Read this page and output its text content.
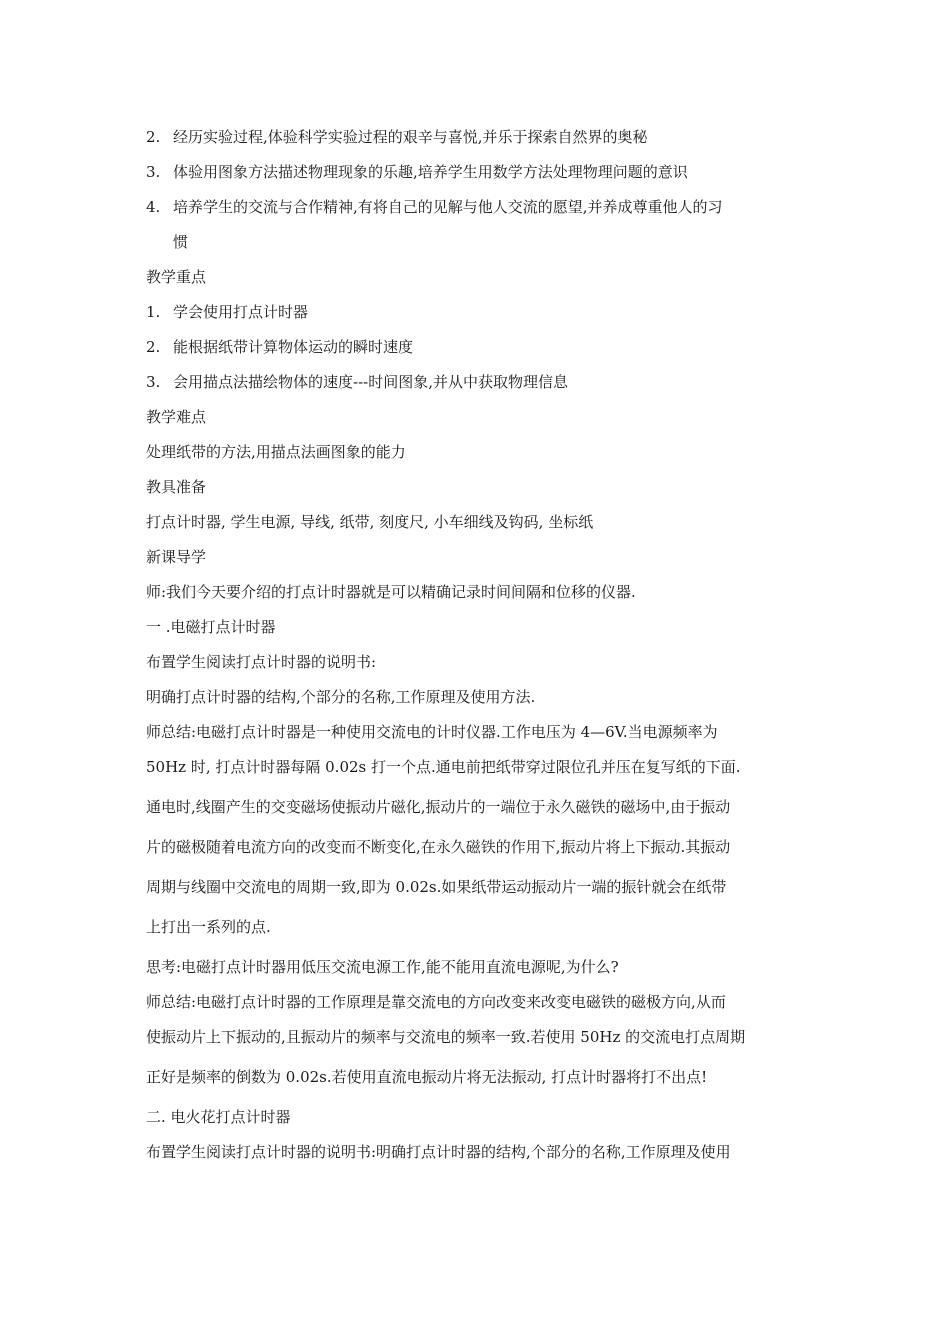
2. 经历实验过程,体验科学实验过程的艰辛与喜悦,并乐于探索自然界的奥秘
3. 体验用图象方法描述物理现象的乐趣,培养学生用数学方法处理物理问题的意识
4. 培养学生的交流与合作精神,有将自己的见解与他人交流的愿望,并养成尊重他人的习
惯
教学重点
1. 学会使用打点计时器
2. 能根据纸带计算物体运动的瞬时速度
3. 会用描点法描绘物体的速度---时间图象,并从中获取物理信息
教学难点
处理纸带的方法,用描点法画图象的能力
教具准备
打点计时器, 学生电源, 导线, 纸带, 刻度尺, 小车细线及钩码, 坐标纸
新课导学
师:我们今天要介绍的打点计时器就是可以精确记录时间间隔和位移的仪器.
一 .电磁打点计时器
布置学生阅读打点计时器的说明书:
明确打点计时器的结构,个部分的名称,工作原理及使用方法.
师总结:电磁打点计时器是一种使用交流电的计时仪器.工作电压为 4—6V.当电源频率为
50Hz 时, 打点计时器每隔 0.02s 打一个点.通电前把纸带穿过限位孔并压在复写纸的下面.
通电时,线圈产生的交变磁场使振动片磁化,振动片的一端位于永久磁铁的磁场中,由于振动
片的磁极随着电流方向的改变而不断变化,在永久磁铁的作用下,振动片将上下振动.其振动
周期与线圈中交流电的周期一致,即为 0.02s.如果纸带运动振动片一端的振针就会在纸带
上打出一系列的点.
思考:电磁打点计时器用低压交流电源工作,能不能用直流电源呢,为什么?
师总结:电磁打点计时器的工作原理是靠交流电的方向改变来改变电磁铁的磁极方向,从而
使振动片上下振动的,且振动片的频率与交流电的频率一致.若使用 50Hz 的交流电打点周期
正好是频率的倒数为 0.02s.若使用直流电振动片将无法振动, 打点计时器将打不出点!
二. 电火花打点计时器
布置学生阅读打点计时器的说明书:明确打点计时器的结构,个部分的名称,工作原理及使用
